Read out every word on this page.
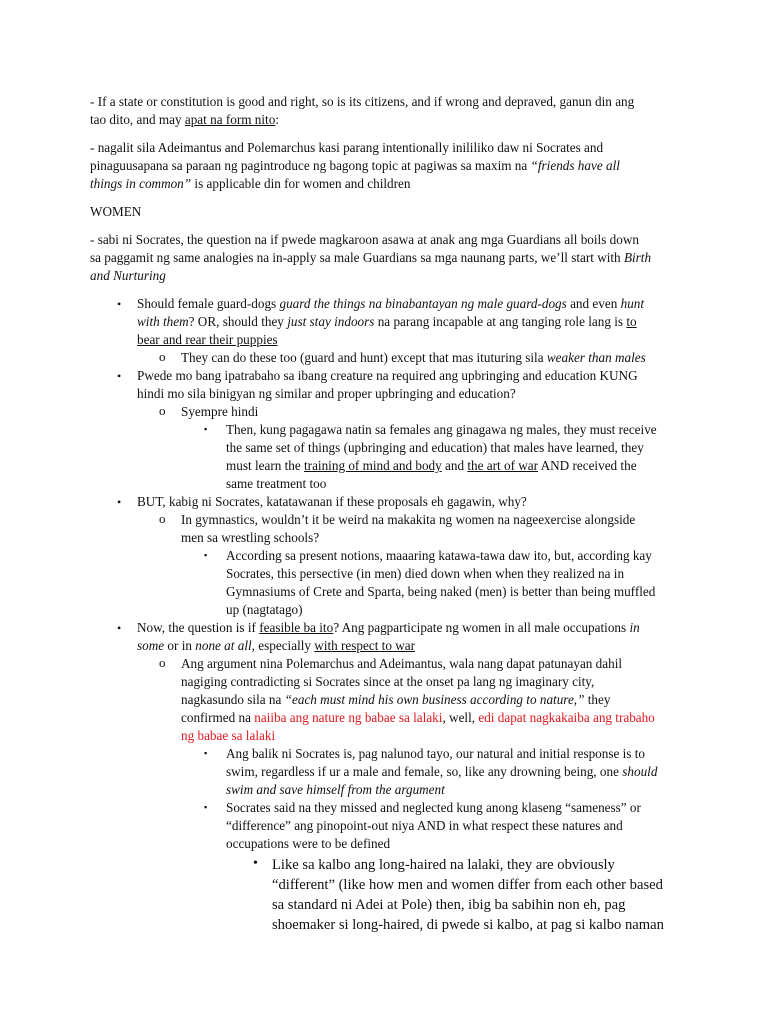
- If a state or constitution is good and right, so is its citizens, and if wrong and depraved, ganun din ang
tao dito, and may apat na form nito:
- nagalit sila Adeimantus and Polemarchus kasi parang intentionally inililiko daw ni Socrates and
pinaguusapana sa paraan ng pagintroduce ng bagong topic at pagiwas sa maxim na “friends have all
things in common” is applicable din for women and children
WOMEN
- sabi ni Socrates, the question na if pwede magkaroon asawa at anak ang mga Guardians all boils down
sa paggamit ng same analogies na in-apply sa male Guardians sa mga naunang parts, we’ll start with Birth
and Nurturing
• Should female guard-dogs guard the things na binabantayan ng male guard-dogs and even hunt
with them? OR, should they just stay indoors na parang incapable at ang tanging role lang is to
bear and rear their puppies
o They can do these too (guard and hunt) except that mas ituturing sila weaker than males
• Pwede mo bang ipatrabaho sa ibang creature na required ang upbringing and education KUNG
hindi mo sila binigyan ng similar and proper upbringing and education?
o Syempre hindi
▪ Then, kung pagagawa natin sa females ang ginagawa ng males, they must receive
the same set of things (upbringing and education) that males have learned, they
must learn the training of mind and body and the art of war AND received the
same treatment too
• BUT, kabig ni Socrates, katatawanan if these proposals eh gagawin, why?
o In gymnastics, wouldn’t it be weird na makakita ng women na nageexercise alongside
men sa wrestling schools?
▪ According sa present notions, maaaring katawa-tawa daw ito, but, according kay
Socrates, this persective (in men) died down when when they realized na in
Gymnasiums of Crete and Sparta, being naked (men) is better than being muffled
up (nagtatago)
• Now, the question is if feasible ba ito? Ang pagparticipate ng women in all male occupations in
some or in none at all, especially with respect to war
o Ang argument nina Polemarchus and Adeimantus, wala nang dapat patunayan dahil
nagiging contradicting si Socrates since at the onset pa lang ng imaginary city,
nagkasundo sila na “each must mind his own business according to nature,” they
confirmed na naiiba ang nature ng babae sa lalaki, well, edi dapat nagkakaiba ang trabaho
ng babae sa lalaki
▪ Ang balik ni Socrates is, pag nalunod tayo, our natural and initial response is to
swim, regardless if ur a male and female, so, like any drowning being, one should
swim and save himself from the argument
▪ Socrates said na they missed and neglected kung anong klaseng “sameness” or
“difference” ang pinopoint-out niya AND in what respect these natures and
occupations were to be defined
• Like sa kalbo ang long-haired na lalaki, they are obviously
“different” (like how men and women differ from each other based
sa standard ni Adei at Pole) then, ibig ba sabihin non eh, pag
shoemaker si long-haired, di pwede si kalbo, at pag si kalbo naman
